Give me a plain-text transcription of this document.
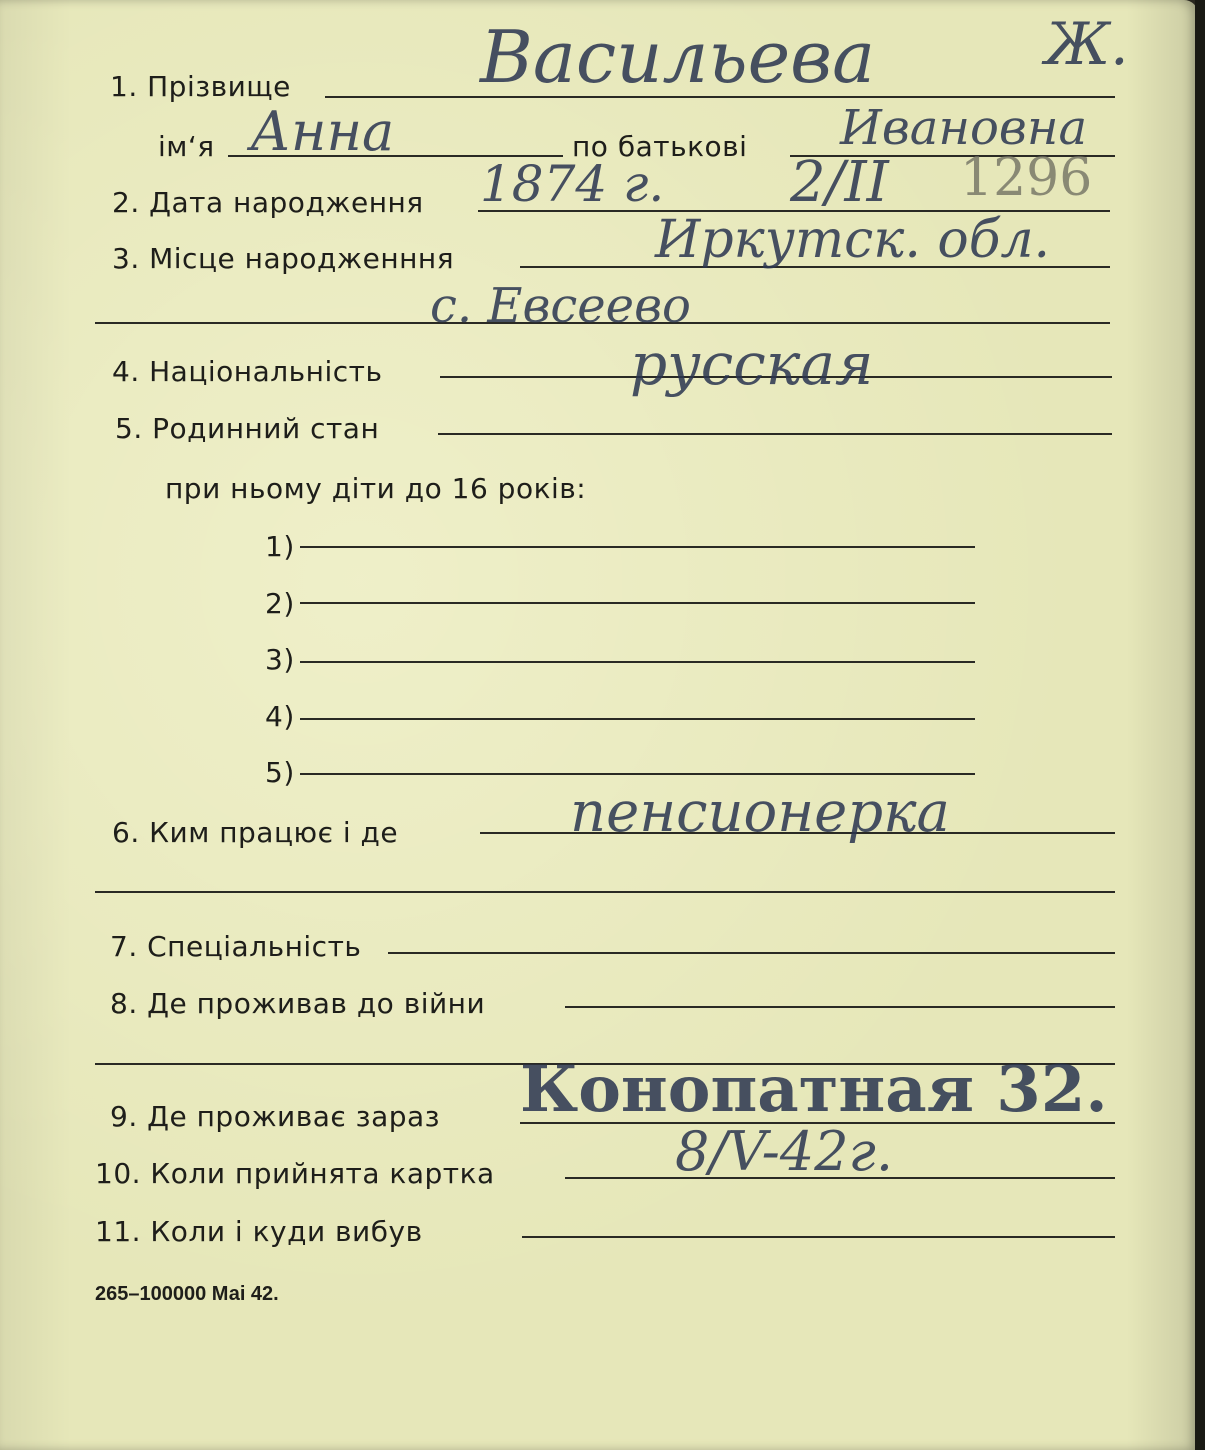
Ж.
1. Прізвище	Васильева
ім‘я Анна	по батькові Ивановна
2. Дата народження 1874 г. 2/II 1296
3. Місце народженння	Иркутск. обл.
с. Евсеево
4. Національність	русская
5. Родинний стан
при ньому діти до 16 років:
1)
2)
3)
4)
5)
6. Ким працює і де	пенсионерка
7. Спеціальність
8. Де проживав до війни
9. Де проживає зараз Конопатная 32.
10. Коли прийнята картка	8/V-42г.
11. Коли і куди вибув
265–100000 Маі 42.
